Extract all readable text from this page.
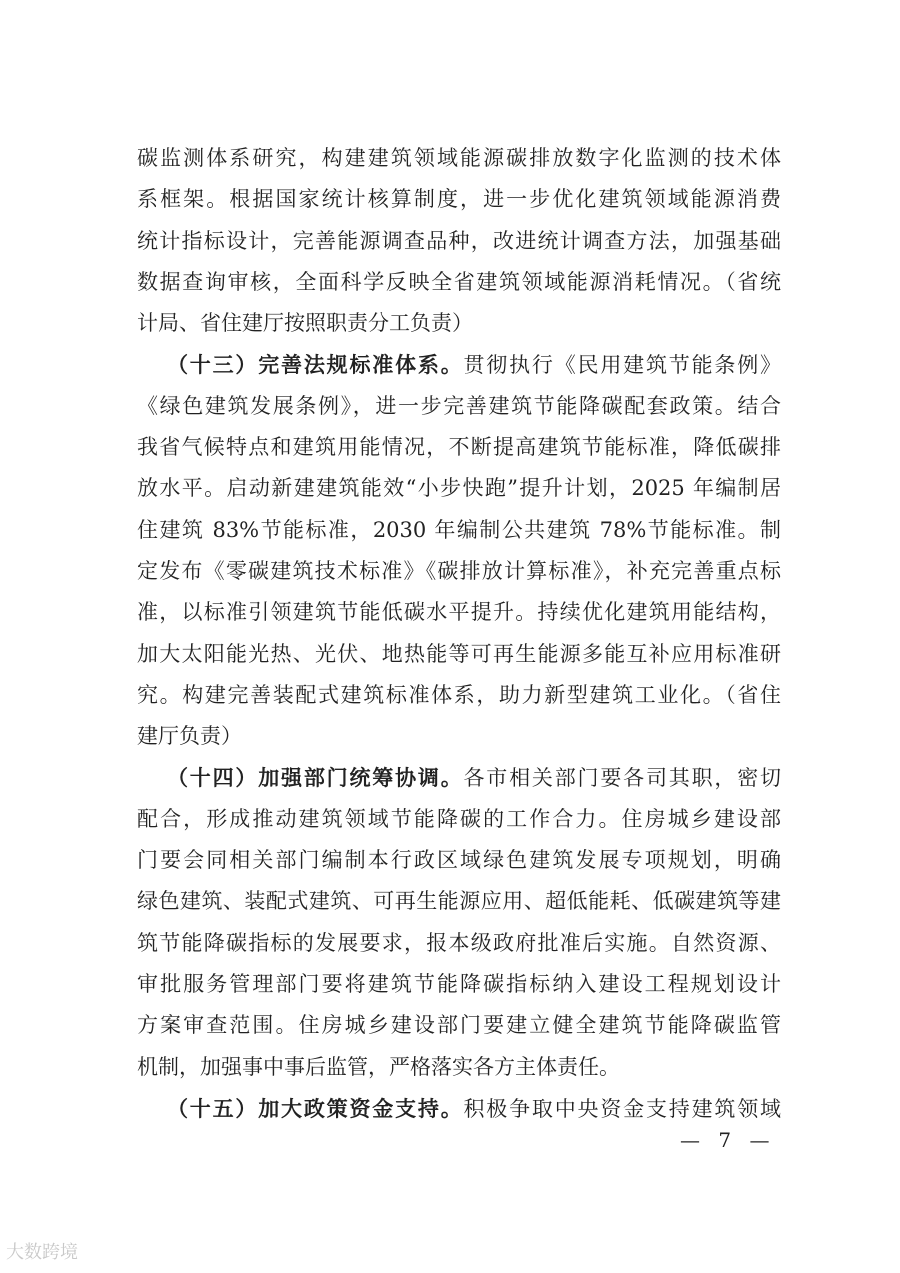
碳监测体系研究，构建建筑领域能源碳排放数字化监测的技术体
系框架。根据国家统计核算制度，进一步优化建筑领域能源消费
统计指标设计，完善能源调查品种，改进统计调查方法，加强基础
数据查询审核，全面科学反映全省建筑领域能源消耗情况。（省统
计局、省住建厅按照职责分工负责）
（十三）完善法规标准体系。贯彻执行《民用建筑节能条例》
《绿色建筑发展条例》，进一步完善建筑节能降碳配套政策。结合
我省气候特点和建筑用能情况，不断提高建筑节能标准，降低碳排
放水平。启动新建建筑能效“小步快跑”提升计划，2025 年编制居
住建筑 83%节能标准，2030 年编制公共建筑 78%节能标准。制
定发布《零碳建筑技术标准》《碳排放计算标准》，补充完善重点标
准，以标准引领建筑节能低碳水平提升。持续优化建筑用能结构，
加大太阳能光热、光伏、地热能等可再生能源多能互补应用标准研
究。构建完善装配式建筑标准体系，助力新型建筑工业化。（省住
建厅负责）
（十四）加强部门统筹协调。各市相关部门要各司其职，密切
配合，形成推动建筑领域节能降碳的工作合力。住房城乡建设部
门要会同相关部门编制本行政区域绿色建筑发展专项规划，明确
绿色建筑、装配式建筑、可再生能源应用、超低能耗、低碳建筑等建
筑节能降碳指标的发展要求，报本级政府批准后实施。自然资源、
审批服务管理部门要将建筑节能降碳指标纳入建设工程规划设计
方案审查范围。住房城乡建设部门要建立健全建筑节能降碳监管
机制，加强事中事后监管，严格落实各方主体责任。
（十五）加大政策资金支持。积极争取中央资金支持建筑领域
— 7 —
大数跨境
